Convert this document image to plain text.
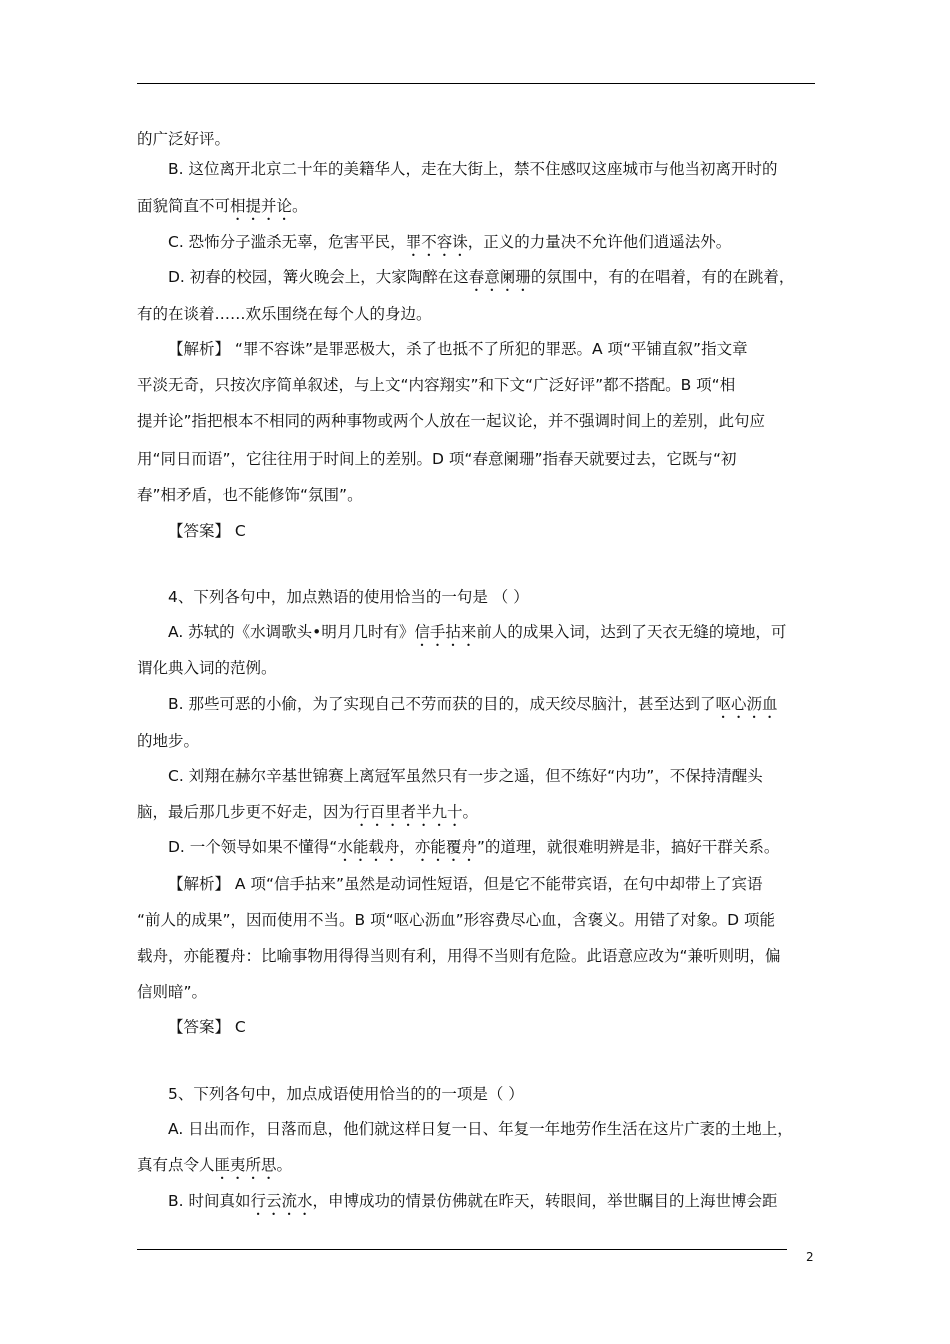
的广泛好评。
B. 这位离开北京二十年的美籍华人，走在大街上，禁不住感叹这座城市与他当初离开时的
面貌简直不可相提并论。
C. 恐怖分子滥杀无辜，危害平民，罪不容诛，正义的力量决不允许他们逍遥法外。
D. 初春的校园，篝火晚会上，大家陶醉在这春意阑珊的氛围中，有的在唱着，有的在跳着，
有的在谈着……欢乐围绕在每个人的身边。
【解析】 “罪不容诛”是罪恶极大，杀了也抵不了所犯的罪恶。A 项“平铺直叙”指文章
平淡无奇，只按次序简单叙述，与上文“内容翔实”和下文“广泛好评”都不搭配。B 项“相
提并论”指把根本不相同的两种事物或两个人放在一起议论，并不强调时间上的差别，此句应
用“同日而语”，它往往用于时间上的差别。D 项“春意阑珊”指春天就要过去，它既与“初
春”相矛盾，也不能修饰“氛围”。
【答案】 C
4、下列各句中，加点熟语的使用恰当的一句是 （ ）
A. 苏轼的《水调歌头•明月几时有》信手拈来前人的成果入词，达到了天衣无缝的境地，可
谓化典入词的范例。
B. 那些可恶的小偷，为了实现自己不劳而获的目的，成天绞尽脑汁，甚至达到了呕心沥血
的地步。
C. 刘翔在赫尔辛基世锦赛上离冠军虽然只有一步之遥，但不练好“内功”，不保持清醒头
脑，最后那几步更不好走，因为行百里者半九十。
D. 一个领导如果不懂得“水能载舟，亦能覆舟”的道理，就很难明辨是非，搞好干群关系。
【解析】 A 项“信手拈来”虽然是动词性短语，但是它不能带宾语，在句中却带上了宾语
“前人的成果”，因而使用不当。B 项“呕心沥血”形容费尽心血，含褒义。用错了对象。D 项能
载舟，亦能覆舟：比喻事物用得得当则有利，用得不当则有危险。此语意应改为“兼听则明，偏
信则暗”。
【答案】 C
5、下列各句中，加点成语使用恰当的的一项是（ ）
A. 日出而作，日落而息，他们就这样日复一日、年复一年地劳作生活在这片广袤的土地上，
真有点令人匪夷所思。
B. 时间真如行云流水，申博成功的情景仿佛就在昨天，转眼间，举世瞩目的上海世博会距
2
